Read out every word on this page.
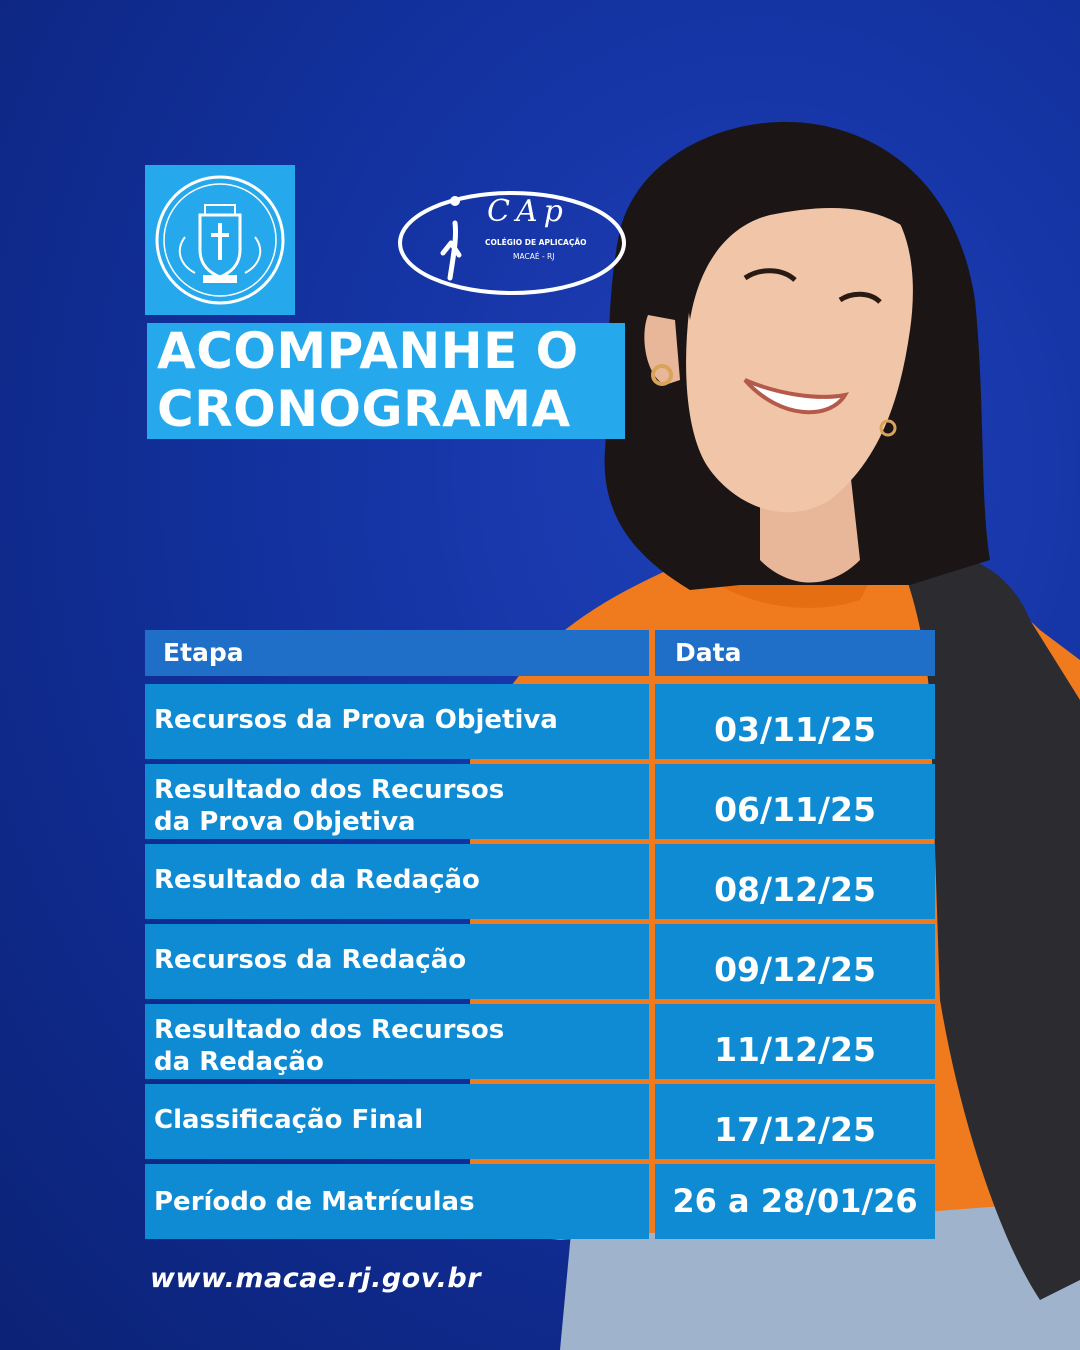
CAp
COLÉGIO DE APLICAÇÃO
MACAÉ - RJ
ACOMPANHE O
CRONOGRAMA
Etapa	Data
Recursos da Prova Objetiva	03/11/25
Resultado dos Recursos
da Prova Objetiva	06/11/25
Resultado da Redação	08/12/25
Recursos da Redação	09/12/25
Resultado dos Recursos
da Redação	11/12/25
Classificação Final	17/12/25
Período de Matrículas	26 a 28/01/26
www.macae.rj.gov.br
